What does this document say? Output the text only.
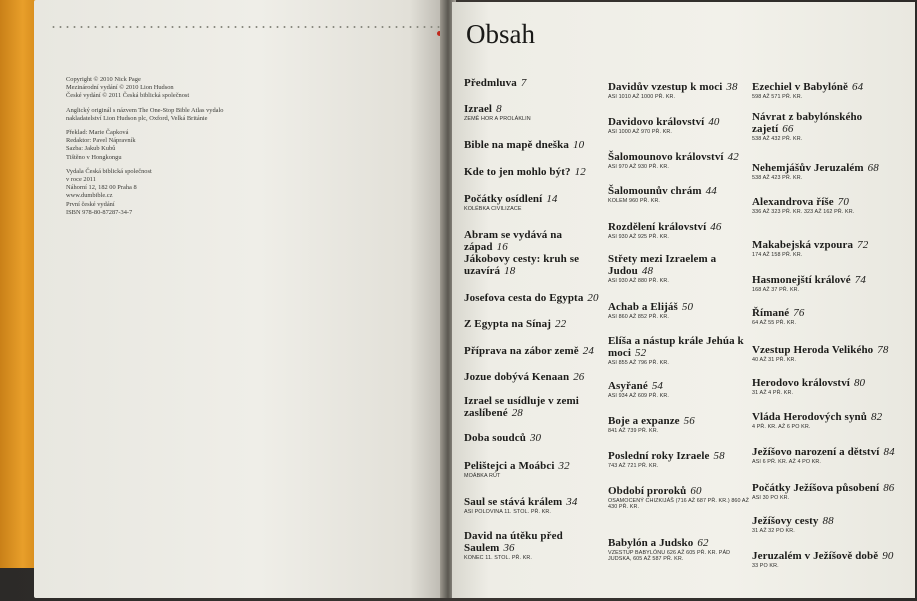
Copyright © 2010 Nick Page
Mezinárodní vydání © 2010 Lion Hudson
České vydání © 2011 Česká biblická společnost
Anglický originál s názvem The One-Stop Bible Atlas vydalo
nakladatelství Lion Hudson plc, Oxford, Velká Británie
Překlad: Marie Čapková
Redaktor: Pavel Nápravník
Sazba: Jakub Kubů
Tištěno v Hongkongu
Vydala Česká biblická společnost
v roce 2011
Náhorní 12, 182 00 Praha 8
www.dumbible.cz
První české vydání
ISBN 978-80-87287-34-7
Obsah
Předmluva 7
Izrael 8
ZEMĚ HOR A PROLÁKLIN
Bible na mapě dneška 10
Kde to jen mohlo být? 12
Počátky osídlení 14
KOLÉBKA CIVILIZACE
Abram se vydává na západ 16
Jákobovy cesty: kruh se uzavírá 18
Josefova cesta do Egypta 20
Z Egypta na Sínaj 22
Příprava na zábor země 24
Jozue dobývá Kenaan 26
Izrael se usídluje v zemi zaslíbené 28
Doba soudců 30
Pelištejci a Moábci 32
MOÁBKA RÚT
Saul se stává králem 34
ASI POLOVINA 11. STOL. PŘ. KR.
David na útěku před Saulem 36
KONEC 11. STOL. PŘ. KR.
Davidův vzestup k moci 38
ASI 1010 AŽ 1000 PŘ. KR.
Davidovo království 40
ASI 1000 AŽ 970 PŘ. KR.
Šalomounovo království 42
ASI 970 AŽ 930 PŘ. KR.
Šalomounův chrám 44
KOLEM 960 PŘ. KR.
Rozdělení království 46
ASI 930 AŽ 925 PŘ. KR.
Střety mezi Izraelem a Judou 48
ASI 930 AŽ 880 PŘ. KR.
Achab a Elijáš 50
ASI 860 AŽ 852 PŘ. KR.
Elíša a nástup krále Jehúa k moci 52
ASI 855 AŽ 796 PŘ. KR.
Asyřané 54
ASI 934 AŽ 609 PŘ. KR.
Boje a expanze 56
841 AŽ 739 PŘ. KR.
Poslední roky Izraele 58
743 AŽ 721 PŘ. KR.
Období proroků 60
OSAMOCENÝ CHIZKIJÁŠ (716 AŽ 687 PŘ. KR.) 860 AŽ 430 PŘ. KR.
Babylón a Judsko 62
VZESTUP BABYLÓNU 626 AŽ 605 PŘ. KR. PÁD JUDSKA, 605 AŽ 587 PŘ. KR.
Ezechiel v Babylóně 64
598 AŽ 571 PŘ. KR.
Návrat z babylónského zajetí 66
538 AŽ 432 PŘ. KR.
Nehemjášův Jeruzalém 68
538 AŽ 423 PŘ. KR.
Alexandrova říše 70
336 AŽ 323 PŘ. KR. 323 AŽ 162 PŘ. KR.
Makabejská vzpoura 72
174 AŽ 158 PŘ. KR.
Hasmonejští králové 74
168 AŽ 37 PŘ. KR.
Římané 76
64 AŽ 55 PŘ. KR.
Vzestup Heroda Velikého 78
40 AŽ 31 PŘ. KR.
Herodovo království 80
31 AŽ 4 PŘ. KR.
Vláda Herodových synů 82
4 PŘ. KR. AŽ 6 PO KR.
Ježíšovo narození a dětství 84
ASI 6 PŘ. KR. AŽ 4 PO KR.
Počátky Ježíšova působení 86
ASI 30 PO KR.
Ježíšovy cesty 88
31 AŽ 32 PO KR.
Jeruzalém v Ježíšově době 90
33 PO KR.
